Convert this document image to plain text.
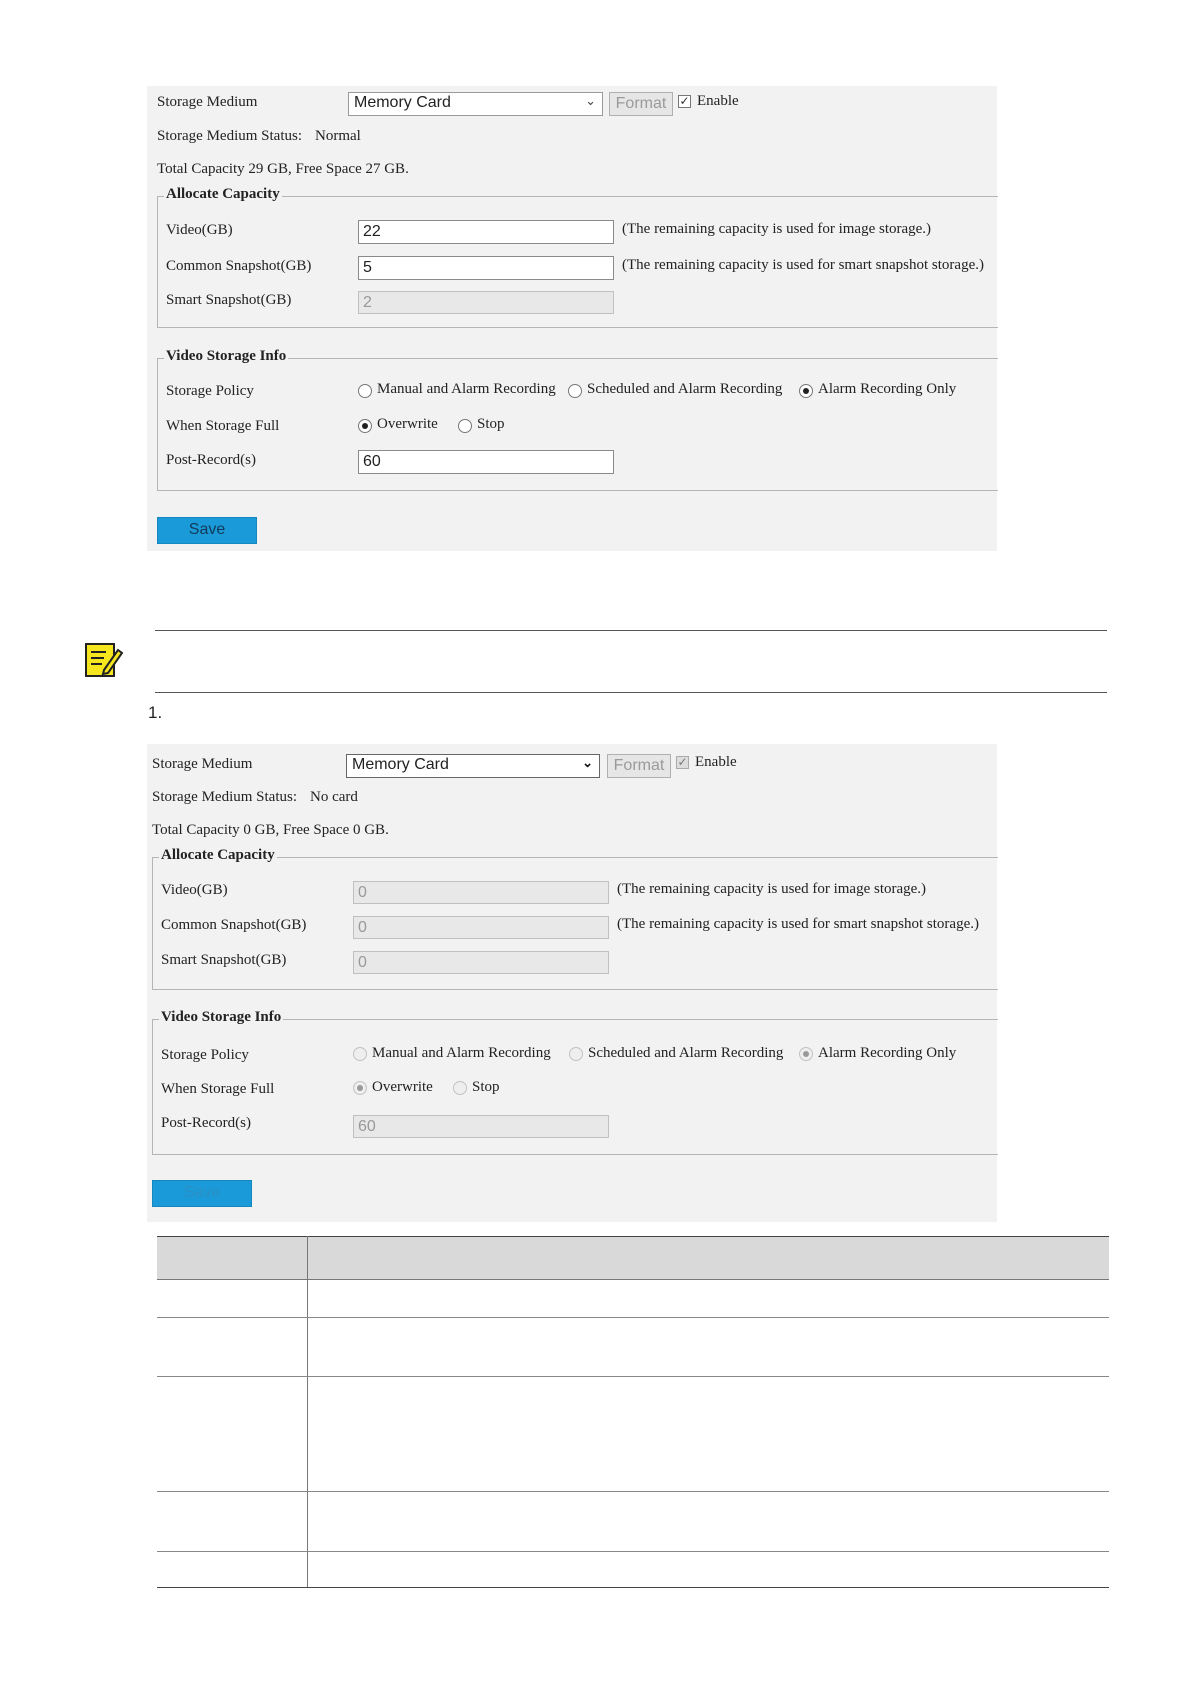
Storage Medium	Memory Card	⌄	Format	✓ Enable
Storage Medium Status: Normal
Total Capacity 29 GB, Free Space 27 GB.
Allocate Capacity
Video(GB)	22	(The remaining capacity is used for image storage.)
Common Snapshot(GB)	5	(The remaining capacity is used for smart snapshot storage.)
Smart Snapshot(GB)	2
Video Storage Info
Storage Policy	Manual and Alarm Recording Scheduled and Alarm Recording Alarm Recording Only
When Storage Full	Overwrite	Stop
Post-Record(s)	60
Save
1.
Storage Medium	Memory Card	⌄	Format	✓ Enable
Storage Medium Status: No card
Total Capacity 0 GB, Free Space 0 GB.
Allocate Capacity
Video(GB)	0	(The remaining capacity is used for image storage.)
Common Snapshot(GB)	0	(The remaining capacity is used for smart snapshot storage.)
Smart Snapshot(GB)	0
Video Storage Info
Storage Policy	Manual and Alarm Recording Scheduled and Alarm Recording Alarm Recording Only
When Storage Full	Overwrite	Stop
Post-Record(s)	60
Save
